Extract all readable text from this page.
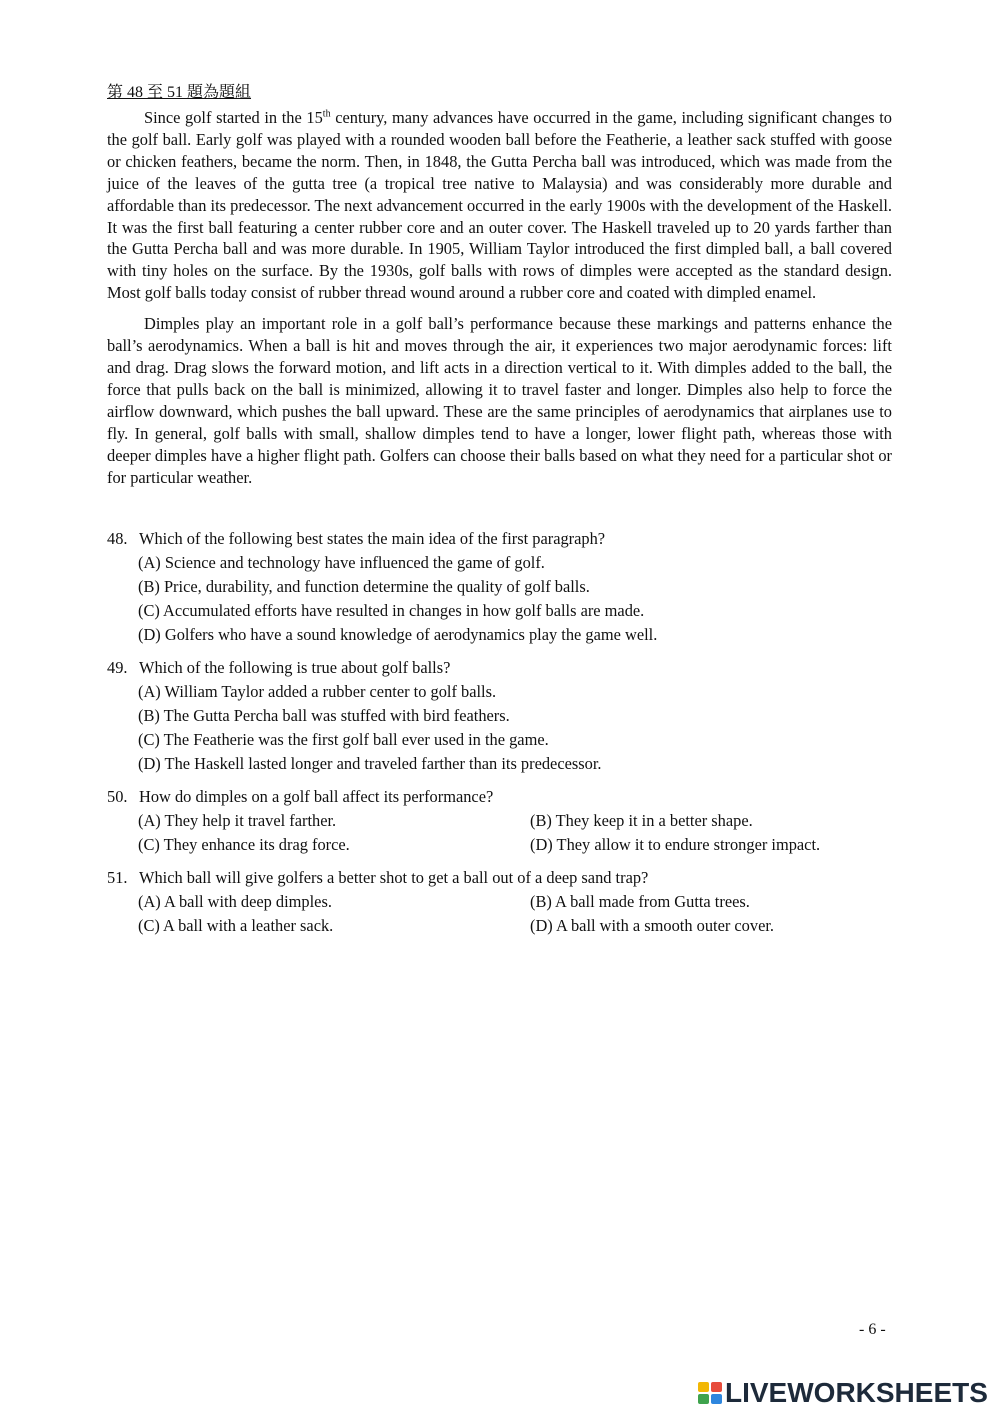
第 48 至 51 題為題組

Since golf started in the 15th century, many advances have occurred in the game, including significant changes to the golf ball. Early golf was played with a rounded wooden ball before the Featherie, a leather sack stuffed with goose or chicken feathers, became the norm. Then, in 1848, the Gutta Percha ball was introduced, which was made from the juice of the leaves of the gutta tree (a tropical tree native to Malaysia) and was considerably more durable and affordable than its predecessor. The next advancement occurred in the early 1900s with the development of the Haskell. It was the first ball featuring a center rubber core and an outer cover. The Haskell traveled up to 20 yards farther than the Gutta Percha ball and was more durable. In 1905, William Taylor introduced the first dimpled ball, a ball covered with tiny holes on the surface. By the 1930s, golf balls with rows of dimples were accepted as the standard design. Most golf balls today consist of rubber thread wound around a rubber core and coated with dimpled enamel.

Dimples play an important role in a golf ball’s performance because these markings and patterns enhance the ball’s aerodynamics. When a ball is hit and moves through the air, it experiences two major aerodynamic forces: lift and drag. Drag slows the forward motion, and lift acts in a direction vertical to it. With dimples added to the ball, the force that pulls back on the ball is minimized, allowing it to travel faster and longer. Dimples also help to force the airflow downward, which pushes the ball upward. These are the same principles of aerodynamics that airplanes use to fly. In general, golf balls with small, shallow dimples tend to have a longer, lower flight path, whereas those with deeper dimples have a higher flight path. Golfers can choose their balls based on what they need for a particular shot or for particular weather.

48. Which of the following best states the main idea of the first paragraph?
(A) Science and technology have influenced the game of golf.
(B) Price, durability, and function determine the quality of golf balls.
(C) Accumulated efforts have resulted in changes in how golf balls are made.
(D) Golfers who have a sound knowledge of aerodynamics play the game well.
49. Which of the following is true about golf balls?
(A) William Taylor added a rubber center to golf balls.
(B) The Gutta Percha ball was stuffed with bird feathers.
(C) The Featherie was the first golf ball ever used in the game.
(D) The Haskell lasted longer and traveled farther than its predecessor.
50. How do dimples on a golf ball affect its performance?
(A) They help it travel farther.	(B) They keep it in a better shape.
(C) They enhance its drag force.	(D) They allow it to endure stronger impact.
51. Which ball will give golfers a better shot to get a ball out of a deep sand trap?
(A) A ball with deep dimples.	(B) A ball made from Gutta trees.
(C) A ball with a leather sack.	(D) A ball with a smooth outer cover.
- 6 -
LIVEWORKSHEETS
